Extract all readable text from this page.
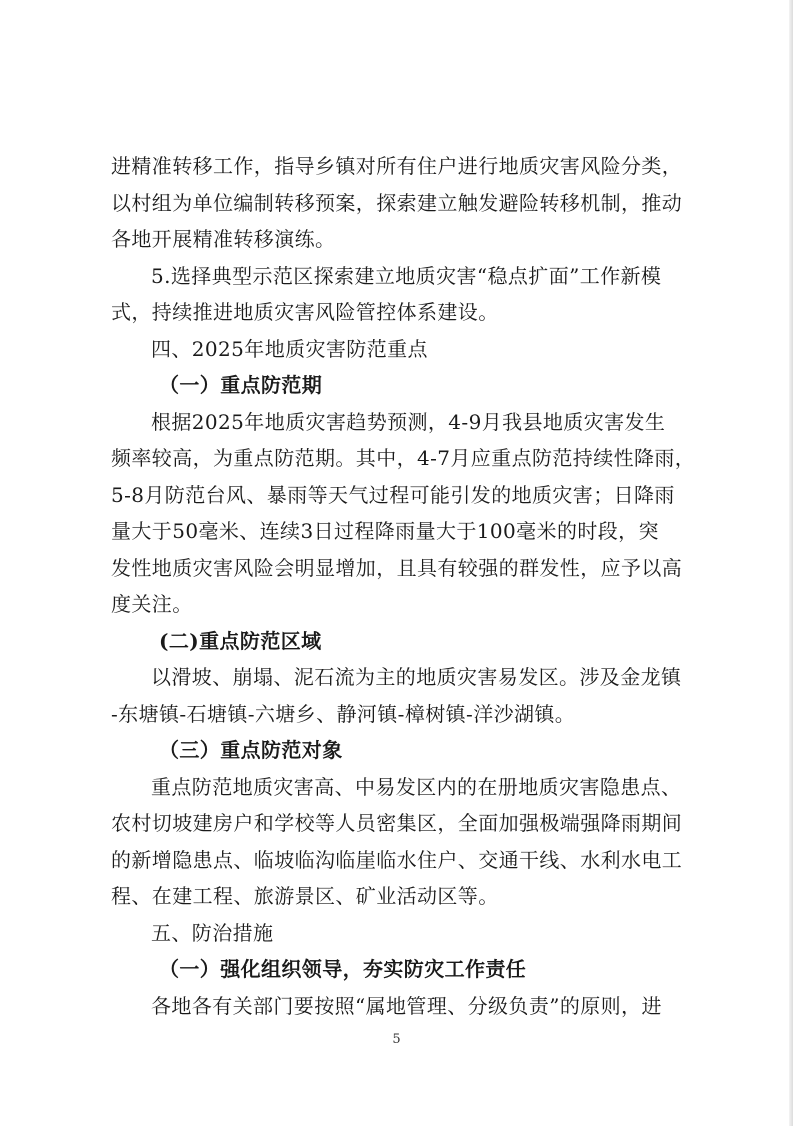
进精准转移工作，指导乡镇对所有住户进行地质灾害风险分类，
以村组为单位编制转移预案，探索建立触发避险转移机制，推动
各地开展精准转移演练。
5.选择典型示范区探索建立地质灾害“稳点扩面”工作新模
式，持续推进地质灾害风险管控体系建设。
四、2025年地质灾害防范重点
（一）重点防范期
根据2025年地质灾害趋势预测，4-9月我县地质灾害发生
频率较高，为重点防范期。其中，4-7月应重点防范持续性降雨，
5-8月防范台风、暴雨等天气过程可能引发的地质灾害；日降雨
量大于50毫米、连续3日过程降雨量大于100毫米的时段，突
发性地质灾害风险会明显增加，且具有较强的群发性，应予以高
度关注。
(二)重点防范区域
以滑坡、崩塌、泥石流为主的地质灾害易发区。涉及金龙镇
-东塘镇-石塘镇-六塘乡、静河镇-樟树镇-洋沙湖镇。
（三）重点防范对象
重点防范地质灾害高、中易发区内的在册地质灾害隐患点、
农村切坡建房户和学校等人员密集区，全面加强极端强降雨期间
的新增隐患点、临坡临沟临崖临水住户、交通干线、水利水电工
程、在建工程、旅游景区、矿业活动区等。
五、防治措施
（一）强化组织领导，夯实防灾工作责任
各地各有关部门要按照“属地管理、分级负责”的原则，进
5
